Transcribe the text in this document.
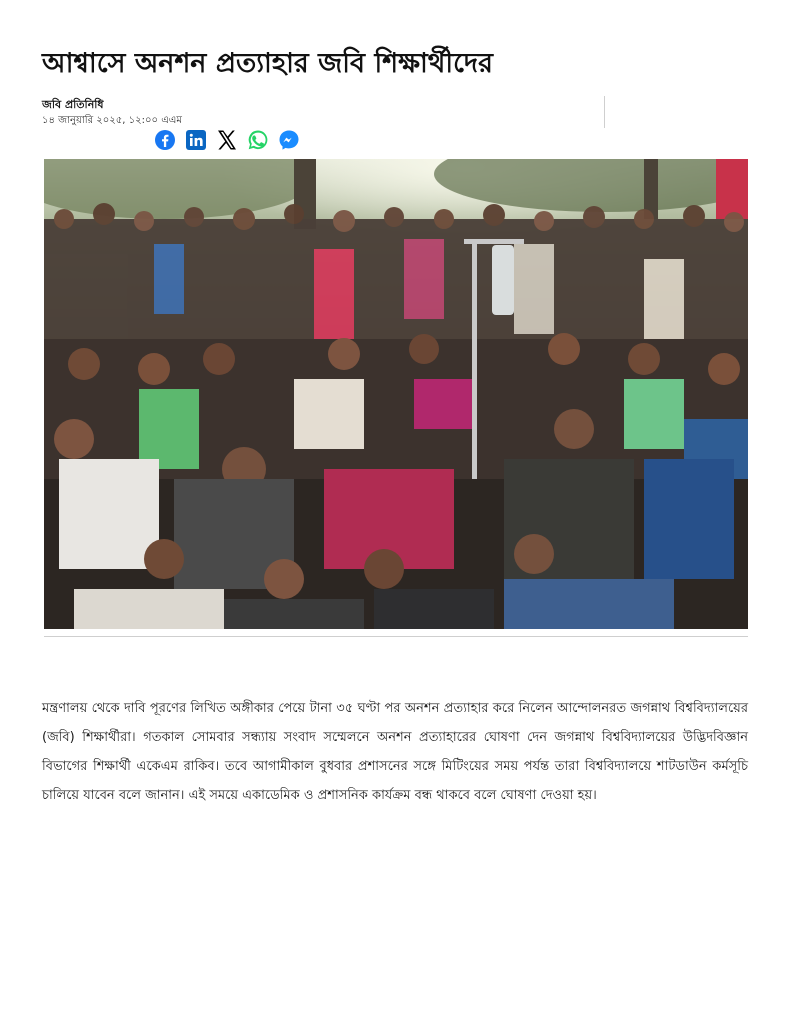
আশ্বাসে অনশন প্রত্যাহার জবি শিক্ষার্থীদের
জবি প্রতিনিধি
১৪ জানুয়ারি ২০২৫, ১২:০০ এএম

মন্ত্রণালয় থেকে দাবি পূরণের লিখিত অঙ্গীকার পেয়ে টানা ৩৫ ঘণ্টা পর অনশন প্রত্যাহার করে নিলেন আন্দোলনরত জগন্নাথ বিশ্ববিদ্যালয়ের (জবি) শিক্ষার্থীরা। গতকাল সোমবার সন্ধ্যায় সংবাদ সম্মেলনে অনশন প্রত্যাহারের ঘোষণা দেন জগন্নাথ বিশ্ববিদ্যালয়ের উদ্ভিদবিজ্ঞান বিভাগের শিক্ষার্থী একেএম রাকিব। তবে আগামীকাল বুধবার প্রশাসনের সঙ্গে মিটিংয়ের সময় পর্যন্ত তারা বিশ্ববিদ্যালয়ে শাটডাউন কর্মসূচি চালিয়ে যাবেন বলে জানান। এই সময়ে একাডেমিক ও প্রশাসনিক কার্যক্রম বন্ধ থাকবে বলে ঘোষণা দেওয়া হয়।
